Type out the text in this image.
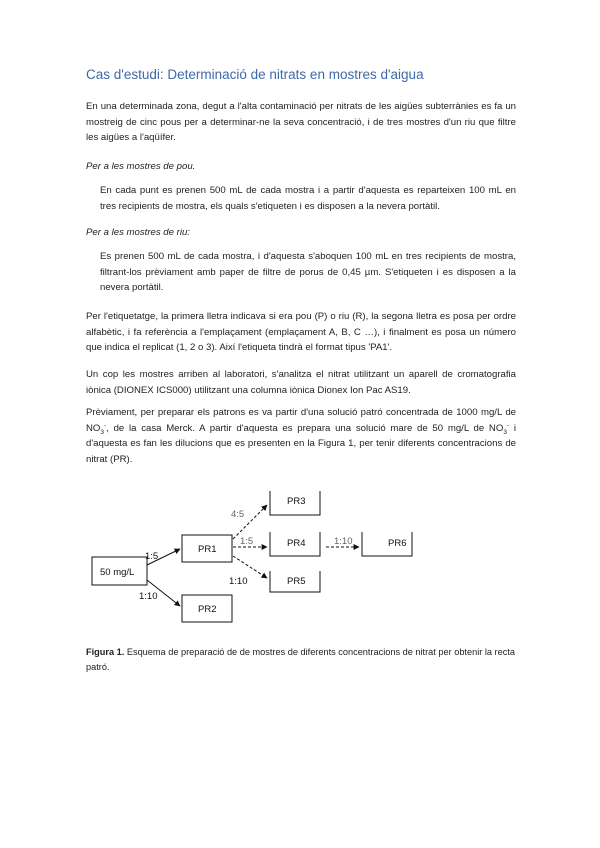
Cas d'estudi: Determinació de nitrats en mostres d'aigua

En una determinada zona, degut a l'alta contaminació per nitrats de les aigües subterrànies es fa un mostreig de cinc pous per a determinar-ne la seva concentració, i de tres mostres d'un riu que filtre les aigües a l'aqüífer.

Per a les mostres de pou.

En cada punt es prenen 500 mL de cada mostra i a partir d'aquesta es reparteixen 100 mL en tres recipients de mostra, els quals s'etiqueten i es disposen a la nevera portàtil.

Per a les mostres de riu:

Es prenen 500 mL de cada mostra, i d'aquesta s'aboquen 100 mL en tres recipients de mostra, filtrant-los prèviament amb paper de filtre de porus de 0,45 µm. S'etiqueten i es disposen a la nevera portàtil.

Per l'etiquetatge, la primera lletra indicava si era pou (P) o riu (R), la segona lletra es posa per ordre alfabètic, i fa referència a l'emplaçament (emplaçament A, B, C …), i finalment es posa un número que indica el replicat (1, 2 o 3). Així l'etiqueta tindrà el format tipus 'PA1'.

Un cop les mostres arriben al laboratori, s'analitza el nitrat utilitzant un aparell de cromatografia iònica (DIONEX ICS000) utilitzant una columna iònica Dionex Ion Pac AS19.

Prèviament, per preparar els patrons es va partir d'una solució patró concentrada de 1000 mg/L de $NO_3^-$, de la casa Merck. A partir d'aquesta es prepara una solució mare de 50 mg/L de $NO_3^-$ i d'aquesta es fan les dilucions que es presenten en la Figura 1, per tenir diferents concentracions de nitrat (PR).

50 mg/L
PR1
PR2
PR3
PR4
PR5
PR6
1:5
1:10
4:5
1:5
1:10
1:10

Figura 1. Esquema de preparació de de mostres de diferents concentracions de nitrat per obtenir la recta patró.
